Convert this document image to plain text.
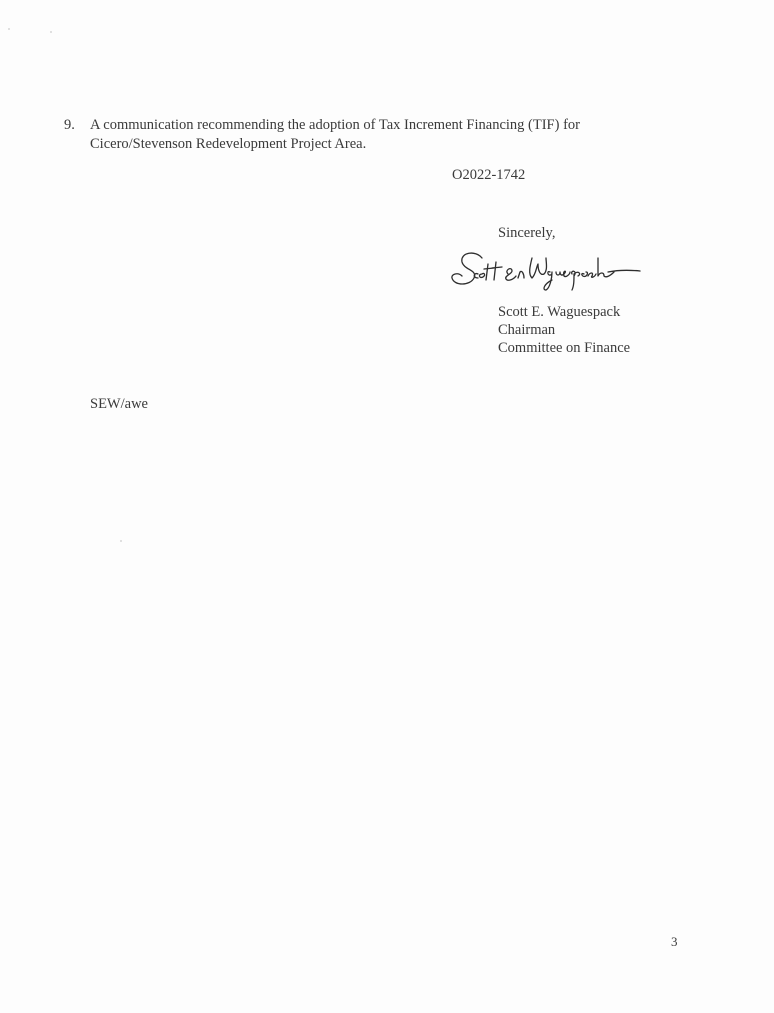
9. A communication recommending the adoption of Tax Increment Financing (TIF) for
Cicero/Stevenson Redevelopment Project Area.
O2022-1742
Sincerely,
Scott E. Waguespack
Chairman
Committee on Finance
SEW/awe
3
